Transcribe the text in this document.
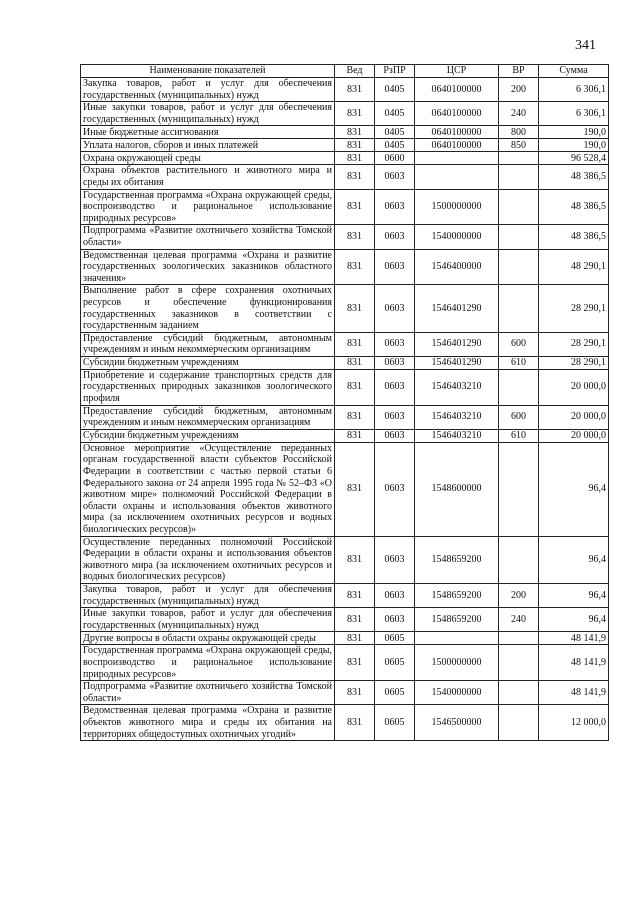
341
Наименование показателей	Вед	РзПР	ЦСР	ВР	Сумма
Закупка товаров, работ и услуг для обеспечения государственных (муниципальных) нужд	831	0405	0640100000	200	6 306,1
Иные закупки товаров, работ и услуг для обеспечения государственных (муниципальных) нужд	831	0405	0640100000	240	6 306,1
Иные бюджетные ассигнования	831	0405	0640100000	800	190,0
Уплата налогов, сборов и иных платежей	831	0405	0640100000	850	190,0
Охрана окружающей среды	831	0600			96 528,4
Охрана объектов растительного и животного мира и среды их обитания	831	0603			48 386,5
Государственная программа «Охрана окружающей среды, воспроизводство и рациональное использование природных ресурсов»	831	0603	1500000000		48 386,5
Подпрограмма «Развитие охотничьего хозяйства Томской области»	831	0603	1540000000		48 386,5
Ведомственная целевая программа «Охрана и развитие государственных зоологических заказников областного значения»	831	0603	1546400000		48 290,1
Выполнение работ в сфере сохранения охотничьих ресурсов и обеспечение функционирования государственных заказников в соответствии с государственным заданием	831	0603	1546401290		28 290,1
Предоставление субсидий бюджетным, автономным учреждениям и иным некоммерческим организациям	831	0603	1546401290	600	28 290,1
Субсидии бюджетным учреждениям	831	0603	1546401290	610	28 290,1
Приобретение и содержание транспортных средств для государственных природных заказников зоологического профиля	831	0603	1546403210		20 000,0
Предоставление субсидий бюджетным, автономным учреждениям и иным некоммерческим организациям	831	0603	1546403210	600	20 000,0
Субсидии бюджетным учреждениям	831	0603	1546403210	610	20 000,0
Основное мероприятие «Осуществление переданных органам государственной власти субъектов Российской Федерации в соответствии с частью первой статьи 6 Федерального закона от 24 апреля 1995 года № 52–ФЗ «О животном мире» полномочий Российской Федерации в области охраны и использования объектов животного мира (за исключением охотничьих ресурсов и водных биологических ресурсов)»	831	0603	1548600000		96,4
Осуществление переданных полномочий Российской Федерации в области охраны и использования объектов животного мира (за исключением охотничьих ресурсов и водных биологических ресурсов)	831	0603	1548659200		96,4
Закупка товаров, работ и услуг для обеспечения государственных (муниципальных) нужд	831	0603	1548659200	200	96,4
Иные закупки товаров, работ и услуг для обеспечения государственных (муниципальных) нужд	831	0603	1548659200	240	96,4
Другие вопросы в области охраны окружающей среды	831	0605			48 141,9
Государственная программа «Охрана окружающей среды, воспроизводство и рациональное использование природных ресурсов»	831	0605	1500000000		48 141,9
Подпрограмма «Развитие охотничьего хозяйства Томской области»	831	0605	1540000000		48 141,9
Ведомственная целевая программа «Охрана и развитие объектов животного мира и среды их обитания на территориях общедоступных охотничьих угодий»	831	0605	1546500000		12 000,0
